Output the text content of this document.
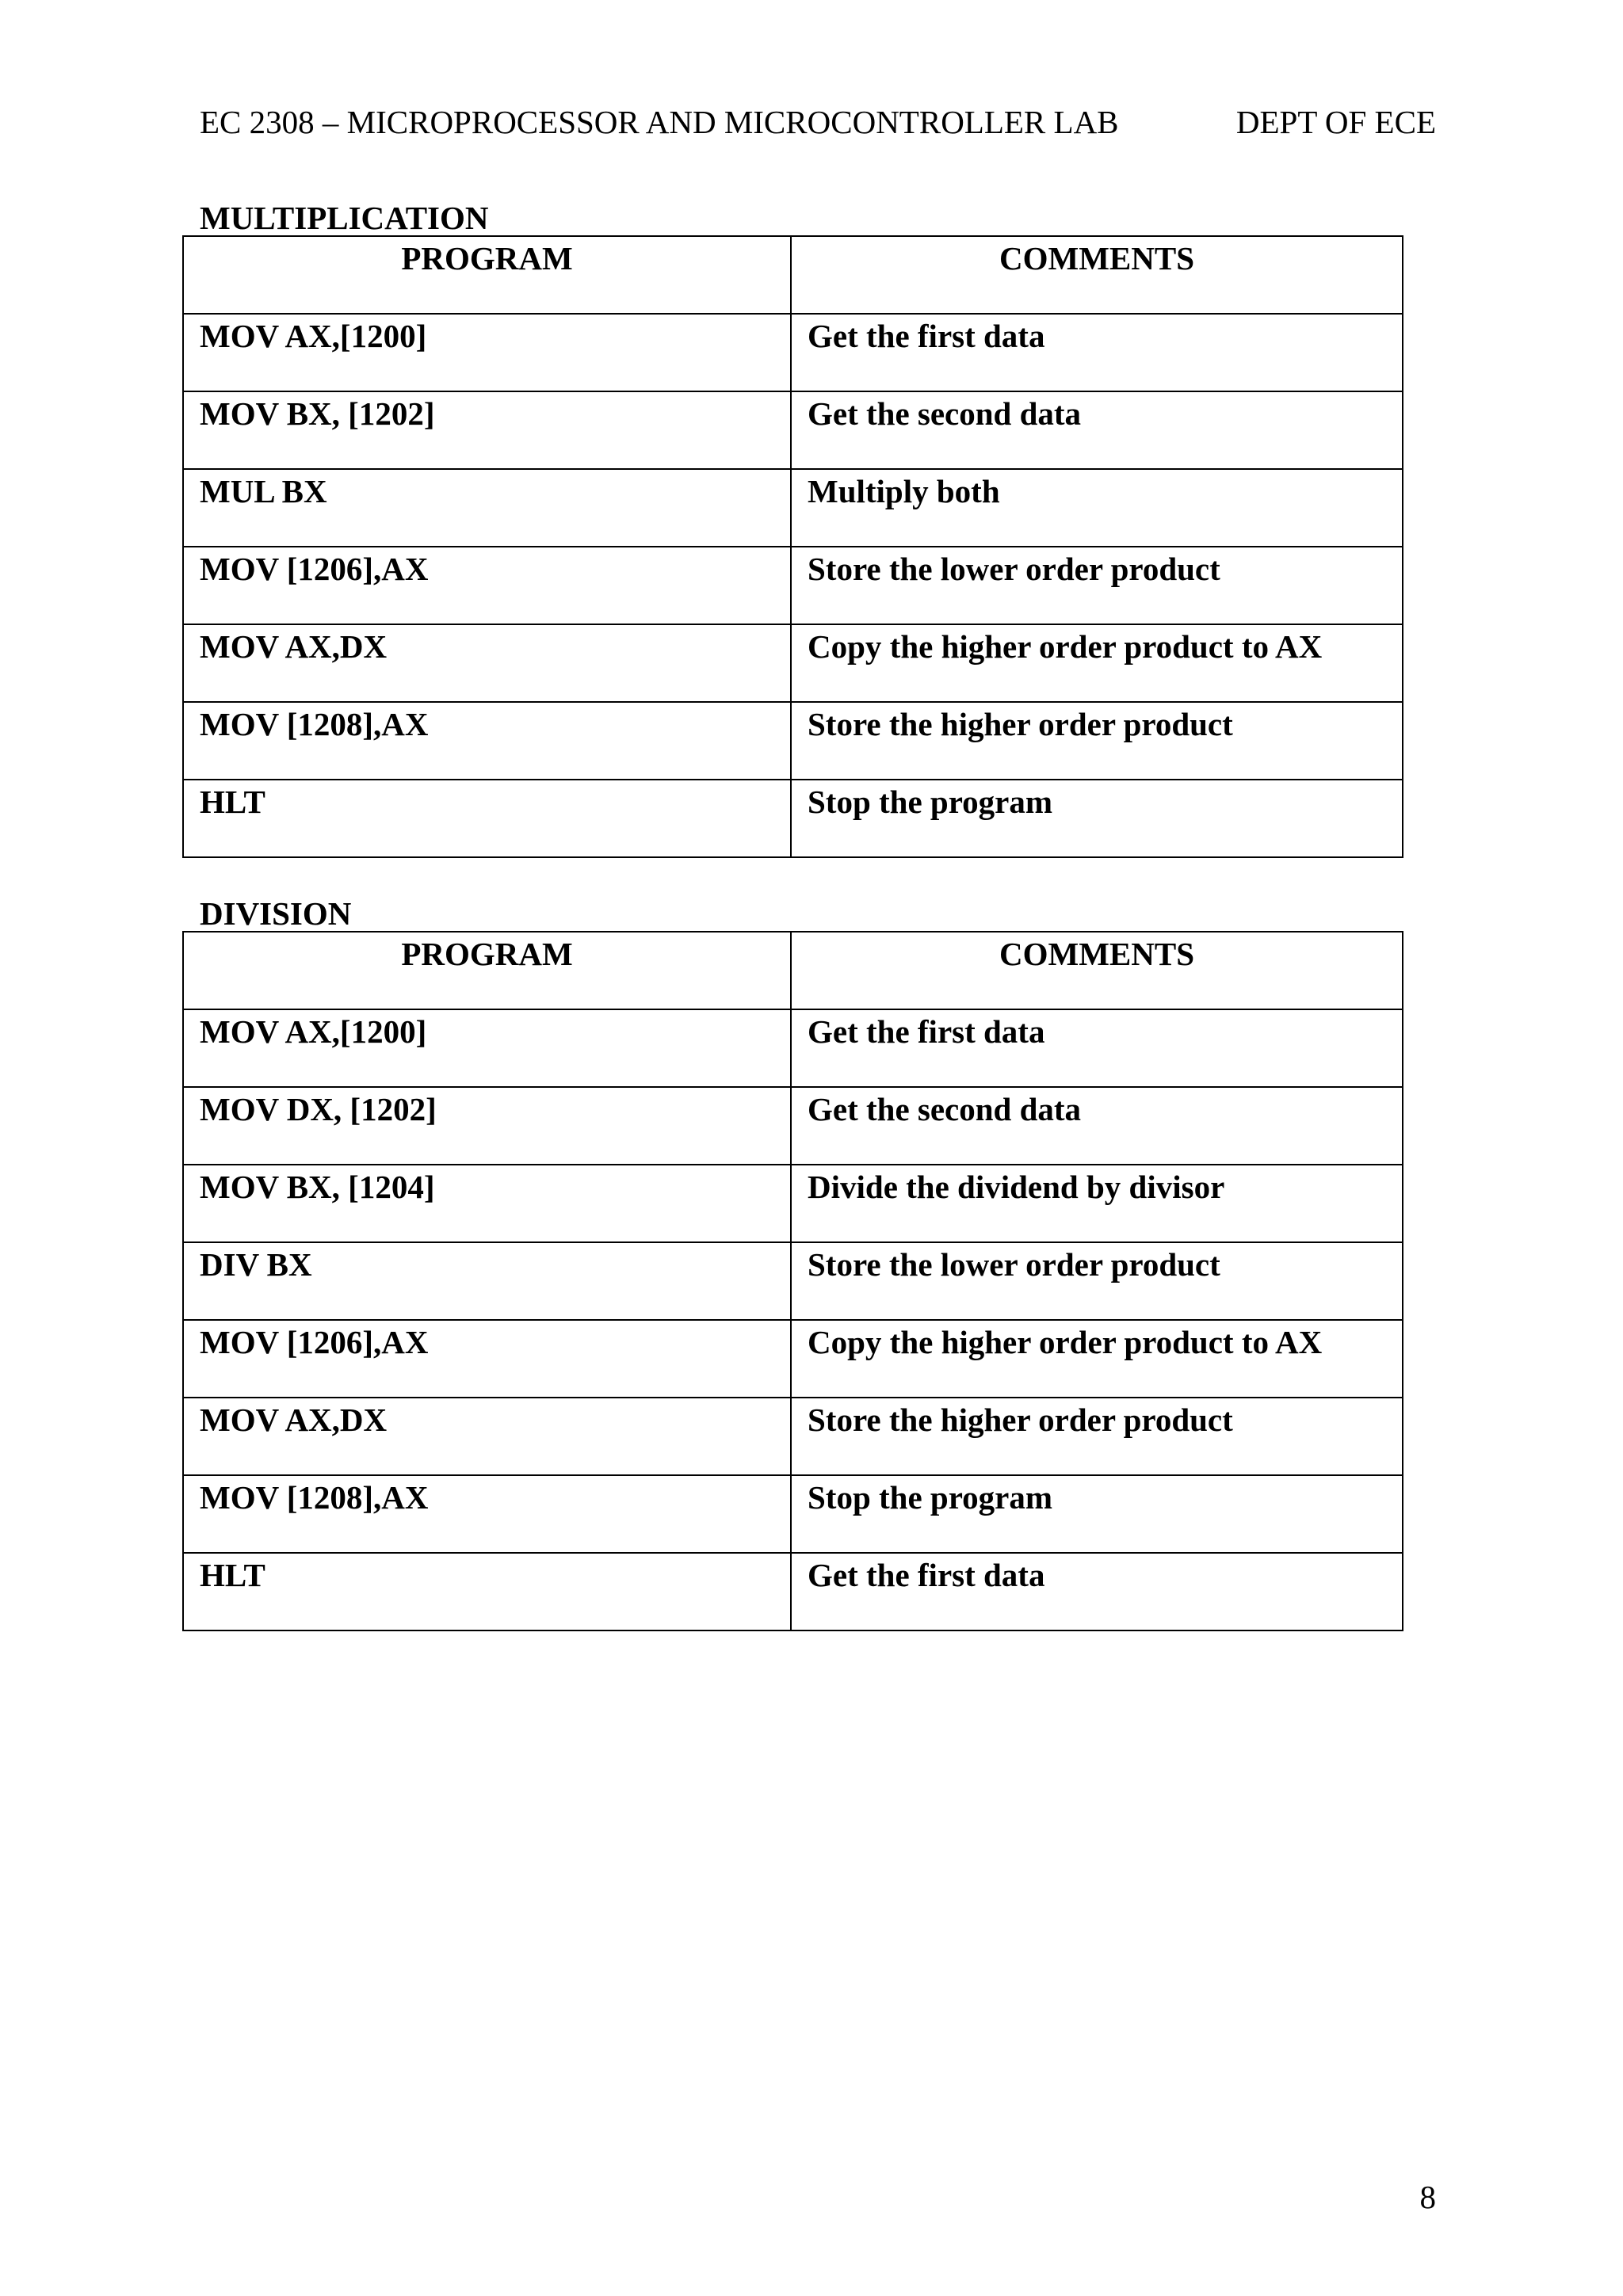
EC 2308 – MICROPROCESSOR AND MICROCONTROLLER LAB	DEPT OF ECE
MULTIPLICATION
PROGRAM	COMMENTS
MOV AX,[1200]	Get the first data
MOV BX, [1202]	Get the second data
MUL BX	Multiply both
MOV [1206],AX	Store the lower order product
MOV AX,DX	Copy the higher order product to AX
MOV [1208],AX	Store the higher order product
HLT	Stop the program
DIVISION
PROGRAM	COMMENTS
MOV AX,[1200]	Get the first data
MOV DX, [1202]	Get the second data
MOV BX, [1204]	Divide the dividend by divisor
DIV BX	Store the lower order product
MOV [1206],AX	Copy the higher order product to AX
MOV AX,DX	Store the higher order product
MOV [1208],AX	Stop the program
HLT	Get the first data
8
